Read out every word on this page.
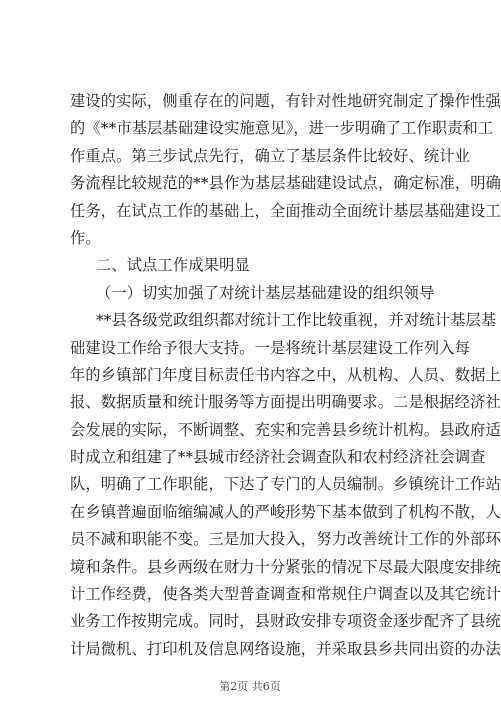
建设的实际，侧重存在的问题，有针对性地研究制定了操作性强
的《**市基层基础建设实施意见》，进一步明确了工作职责和工
作重点。第三步试点先行，确立了基层条件比较好、统计业
务流程比较规范的**县作为基层基础建设试点，确定标准，明确
任务，在试点工作的基础上，全面推动全面统计基层基础建设工
作。
二、试点工作成果明显
（一）切实加强了对统计基层基础建设的组织领导
**县各级党政组织都对统计工作比较重视，并对统计基层基
础建设工作给予很大支持。一是将统计基层建设工作列入每
年的乡镇部门年度目标责任书内容之中，从机构、人员、数据上
报、数据质量和统计服务等方面提出明确要求。二是根据经济社
会发展的实际，不断调整、充实和完善县乡统计机构。县政府适
时成立和组建了**县城市经济社会调查队和农村经济社会调查
队，明确了工作职能，下达了专门的人员编制。乡镇统计工作站
在乡镇普遍面临缩编减人的严峻形势下基本做到了机构不散，人
员不减和职能不变。三是加大投入，努力改善统计工作的外部环
境和条件。县乡两级在财力十分紧张的情况下尽最大限度安排统
计工作经费，使各类大型普查调查和常规住户调查以及其它统计
业务工作按期完成。同时，县财政安排专项资金逐步配齐了县统
计局微机、打印机及信息网络设施，并采取县乡共同出资的办法
第2页 共6页
